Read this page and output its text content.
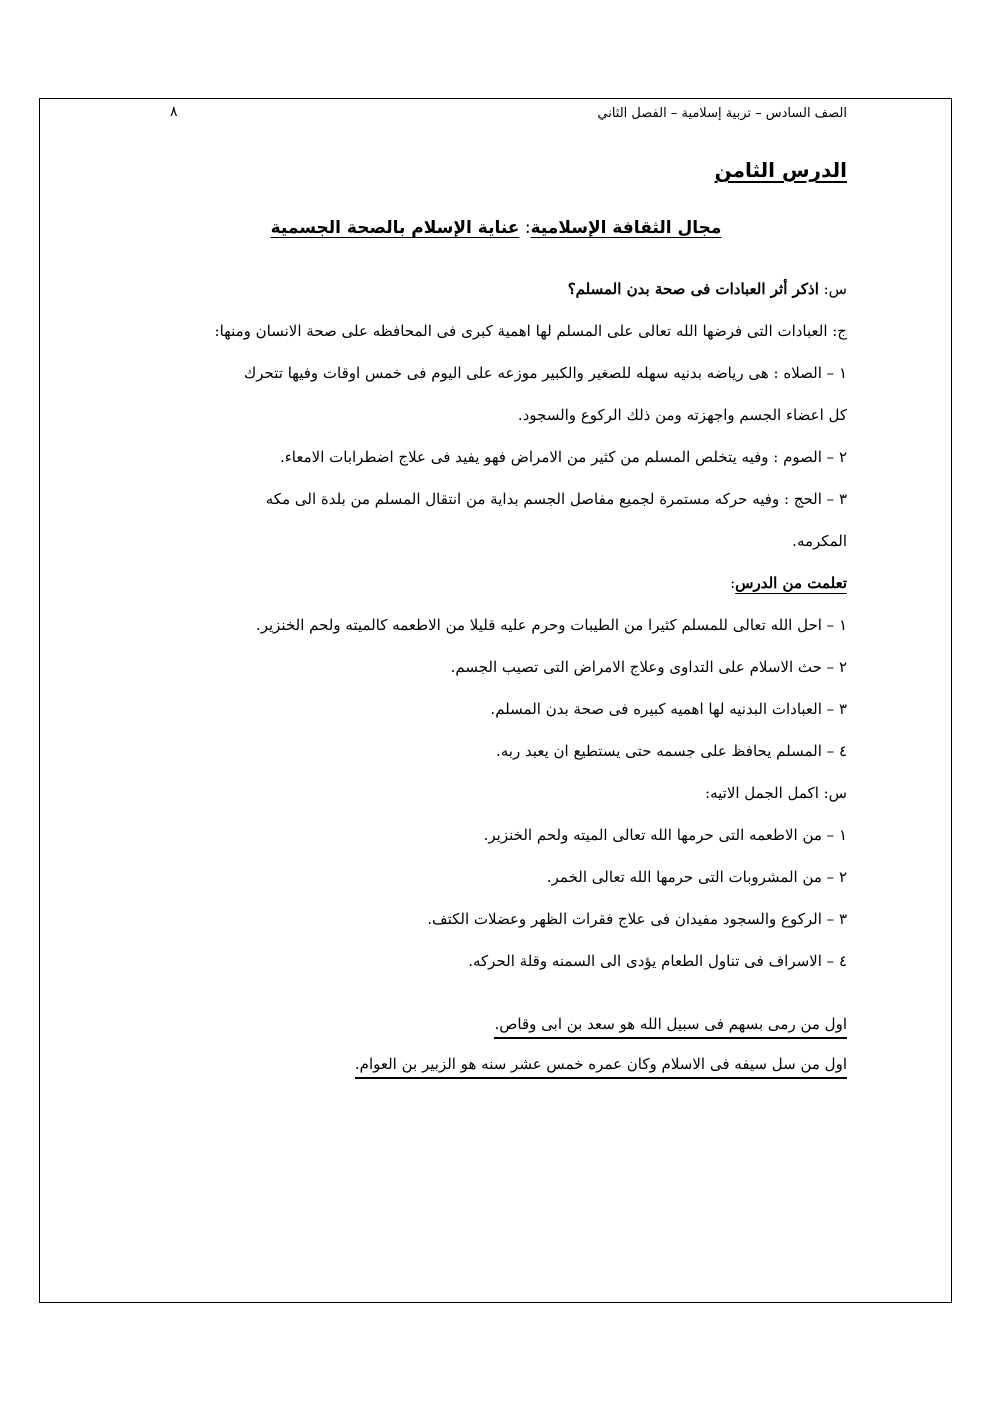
الصف السادس – تربية إسلامية – الفصل الثاني
٨
الدرس الثامن
مجال الثقافة الإسلامية: عناية الإسلام بالصحة الجسمية
س: اذكر أثر العبادات فى صحة بدن المسلم؟
ج: العبادات التى فرضها الله تعالى على المسلم لها اهمية كبرى فى المحافظه على صحة الانسان ومنها:
١ – الصلاه : هى رياضه بدنيه سهله للصغير والكبير موزعه على اليوم فى خمس اوقات وفيها تتحرك
كل اعضاء الجسم واجهزته ومن ذلك الركوع والسجود.
٢ – الصوم : وفيه يتخلص المسلم من كثير من الامراض فهو يفيد فى علاج اضطرابات الامعاء.
٣ – الحج : وفيه حركه مستمرة لجميع مفاصل الجسم بداية من انتقال المسلم من بلدة الى مكه
المكرمه.
تعلمت من الدرس:
١ – احل الله تعالى للمسلم كثيرا من الطيبات وحرم عليه قليلا من الاطعمه كالميته ولحم الخنزير.
٢ – حث الاسلام على التداوى وعلاج الامراض التى تصيب الجسم.
٣ – العبادات البدنيه لها اهميه كبيره فى صحة بدن المسلم.
٤ – المسلم يحافظ على جسمه حتى يستطيع ان يعبد ربه.
س: اكمل الجمل الاتيه:
١ – من الاطعمه التى حرمها الله تعالى الميته ولحم الخنزير.
٢ – من المشروبات التى حرمها الله تعالى الخمر.
٣ – الركوع والسجود مفيدان فى علاج فقرات الظهر وعضلات الكتف.
٤ – الاسراف فى تناول الطعام يؤدى الى السمنه وقلة الحركه.
اول من رمى بسهم فى سبيل الله هو سعد بن ابى وقاص.
اول من سل سيفه فى الاسلام وكان عمره خمس عشر سنه هو الزبير بن العوام.
